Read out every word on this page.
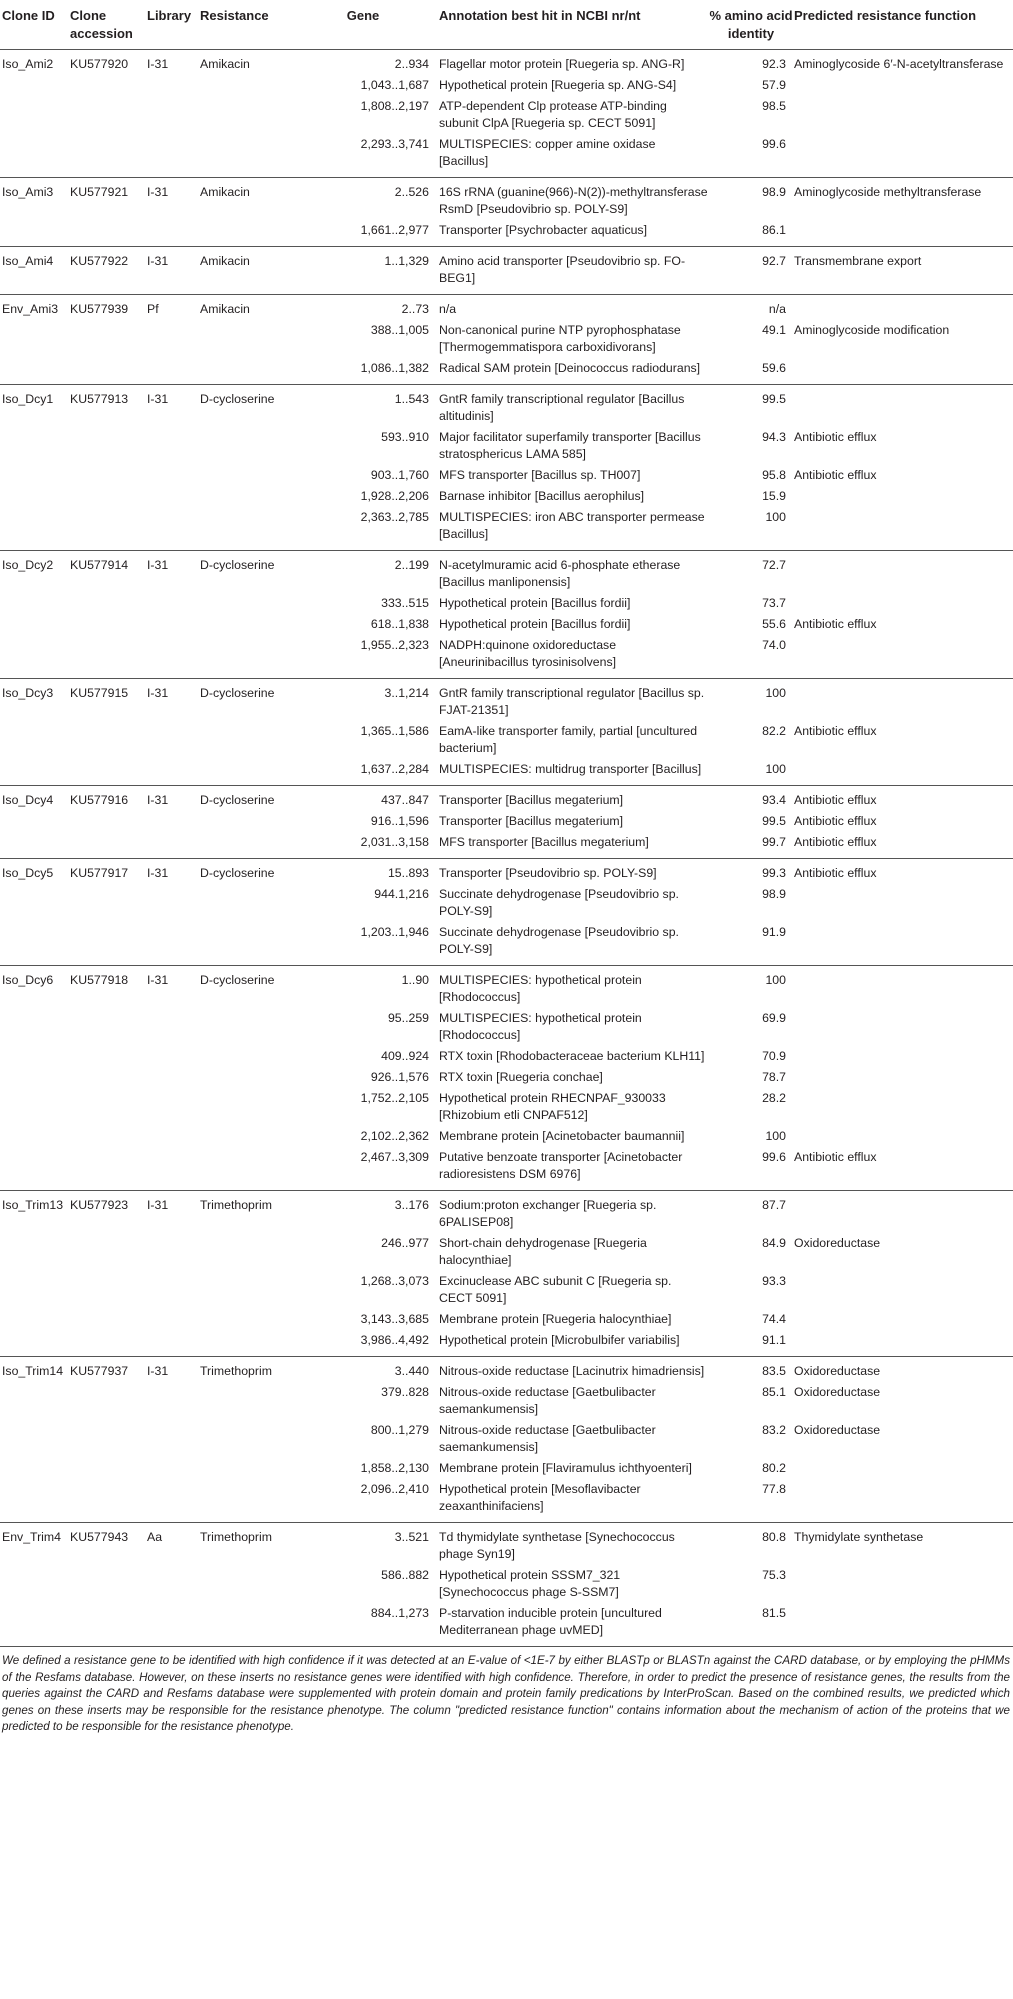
Clone ID	Clone accession	Library	Resistance	Gene	Annotation best hit in NCBI nr/nt	% amino acid identity	Predicted resistance function
Iso_Ami2	KU577920	I-31	Amikacin	2..934	Flagellar motor protein [Ruegeria sp. ANG-R]	92.3	Aminoglycoside 6′-N-acetyltransferase
				1,043..1,687	Hypothetical protein [Ruegeria sp. ANG-S4]	57.9	
				1,808..2,197	ATP-dependent Clp protease ATP-binding subunit ClpA [Ruegeria sp. CECT 5091]	98.5	
				2,293..3,741	MULTISPECIES: copper amine oxidase [Bacillus]	99.6	
Iso_Ami3	KU577921	I-31	Amikacin	2..526	16S rRNA (guanine(966)-N(2))-methyltransferase RsmD [Pseudovibrio sp. POLY-S9]	98.9	Aminoglycoside methyltransferase
				1,661..2,977	Transporter [Psychrobacter aquaticus]	86.1	
Iso_Ami4	KU577922	I-31	Amikacin	1..1,329	Amino acid transporter [Pseudovibrio sp. FO-BEG1]	92.7	Transmembrane export
Env_Ami3	KU577939	Pf	Amikacin	2..73	n/a	n/a	
				388..1,005	Non-canonical purine NTP pyrophosphatase [Thermogemmatispora carboxidivorans]	49.1	Aminoglycoside modification
				1,086..1,382	Radical SAM protein [Deinococcus radiodurans]	59.6	
Iso_Dcy1	KU577913	I-31	D-cycloserine	1..543	GntR family transcriptional regulator [Bacillus altitudinis]	99.5	
				593..910	Major facilitator superfamily transporter [Bacillus stratosphericus LAMA 585]	94.3	Antibiotic efflux
				903..1,760	MFS transporter [Bacillus sp. TH007]	95.8	Antibiotic efflux
				1,928..2,206	Barnase inhibitor [Bacillus aerophilus]	15.9	
				2,363..2,785	MULTISPECIES: iron ABC transporter permease [Bacillus]	100	
Iso_Dcy2	KU577914	I-31	D-cycloserine	2..199	N-acetylmuramic acid 6-phosphate etherase [Bacillus manliponensis]	72.7	
				333..515	Hypothetical protein [Bacillus fordii]	73.7	
				618..1,838	Hypothetical protein [Bacillus fordii]	55.6	Antibiotic efflux
				1,955..2,323	NADPH:quinone oxidoreductase [Aneurinibacillus tyrosinisolvens]	74.0	
Iso_Dcy3	KU577915	I-31	D-cycloserine	3..1,214	GntR family transcriptional regulator [Bacillus sp. FJAT-21351]	100	
				1,365..1,586	EamA-like transporter family, partial [uncultured bacterium]	82.2	Antibiotic efflux
				1,637..2,284	MULTISPECIES: multidrug transporter [Bacillus]	100	
Iso_Dcy4	KU577916	I-31	D-cycloserine	437..847	Transporter [Bacillus megaterium]	93.4	Antibiotic efflux
				916..1,596	Transporter [Bacillus megaterium]	99.5	Antibiotic efflux
				2,031..3,158	MFS transporter [Bacillus megaterium]	99.7	Antibiotic efflux
Iso_Dcy5	KU577917	I-31	D-cycloserine	15..893	Transporter [Pseudovibrio sp. POLY-S9]	99.3	Antibiotic efflux
				944.1,216	Succinate dehydrogenase [Pseudovibrio sp. POLY-S9]	98.9	
				1,203..1,946	Succinate dehydrogenase [Pseudovibrio sp. POLY-S9]	91.9	
Iso_Dcy6	KU577918	I-31	D-cycloserine	1..90	MULTISPECIES: hypothetical protein [Rhodococcus]	100	
				95..259	MULTISPECIES: hypothetical protein [Rhodococcus]	69.9	
				409..924	RTX toxin [Rhodobacteraceae bacterium KLH11]	70.9	
				926..1,576	RTX toxin [Ruegeria conchae]	78.7	
				1,752..2,105	Hypothetical protein RHECNPAF_930033 [Rhizobium etli CNPAF512]	28.2	
				2,102..2,362	Membrane protein [Acinetobacter baumannii]	100	
				2,467..3,309	Putative benzoate transporter [Acinetobacter radioresistens DSM 6976]	99.6	Antibiotic efflux
Iso_Trim13	KU577923	I-31	Trimethoprim	3..176	Sodium:proton exchanger [Ruegeria sp. 6PALISEP08]	87.7	
				246..977	Short-chain dehydrogenase [Ruegeria halocynthiae]	84.9	Oxidoreductase
				1,268..3,073	Excinuclease ABC subunit C [Ruegeria sp. CECT 5091]	93.3	
				3,143..3,685	Membrane protein [Ruegeria halocynthiae]	74.4	
				3,986..4,492	Hypothetical protein [Microbulbifer variabilis]	91.1	
Iso_Trim14	KU577937	I-31	Trimethoprim	3..440	Nitrous-oxide reductase [Lacinutrix himadriensis]	83.5	Oxidoreductase
				379..828	Nitrous-oxide reductase [Gaetbulibacter saemankumensis]	85.1	Oxidoreductase
				800..1,279	Nitrous-oxide reductase [Gaetbulibacter saemankumensis]	83.2	Oxidoreductase
				1,858..2,130	Membrane protein [Flaviramulus ichthyoenteri]	80.2	
				2,096..2,410	Hypothetical protein [Mesoflavibacter zeaxanthinifaciens]	77.8	
Env_Trim4	KU577943	Aa	Trimethoprim	3..521	Td thymidylate synthetase [Synechococcus phage Syn19]	80.8	Thymidylate synthetase
				586..882	Hypothetical protein SSSM7_321 [Synechococcus phage S-SSM7]	75.3	
				884..1,273	P-starvation inducible protein [uncultured Mediterranean phage uvMED]	81.5	

We defined a resistance gene to be identified with high confidence if it was detected at an E-value of <1E-7 by either BLASTp or BLASTn against the CARD database, or by employing the pHMMs of the Resfams database. However, on these inserts no resistance genes were identified with high confidence. Therefore, in order to predict the presence of resistance genes, the results from the queries against the CARD and Resfams database were supplemented with protein domain and protein family predications by InterProScan. Based on the combined results, we predicted which genes on these inserts may be responsible for the resistance phenotype. The column "predicted resistance function" contains information about the mechanism of action of the proteins that we predicted to be responsible for the resistance phenotype.
